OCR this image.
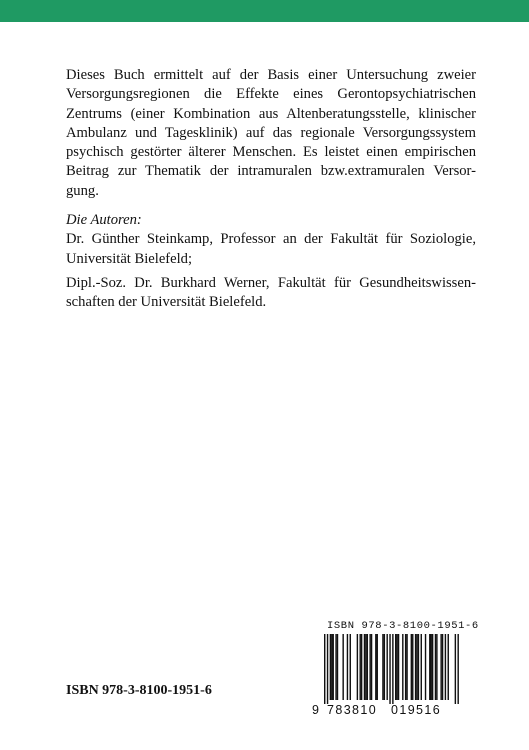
Dieses Buch ermittelt auf der Basis einer Untersuchung zweier
Versorgungsregionen die Effekte eines Gerontopsychiatrischen
Zentrums (einer Kombination aus Altenberatungsstelle, klinischer
Ambulanz und Tagesklinik) auf das regionale Versorgungssystem
psychisch gestörter älterer Menschen. Es leistet einen empirischen
Beitrag zur Thematik der intramuralen bzw.extramuralen Versor-
gung.

Die Autoren:

Dr. Günther Steinkamp, Professor an der Fakultät für Soziologie,
Universität Bielefeld;

Dipl.-Soz. Dr. Burkhard Werner, Fakultät für Gesundheitswissen-
schaften der Universität Bielefeld.

ISBN 978-3-8100-1951-6
ISBN 978-3-8100-1951-6
9 783810 019516
